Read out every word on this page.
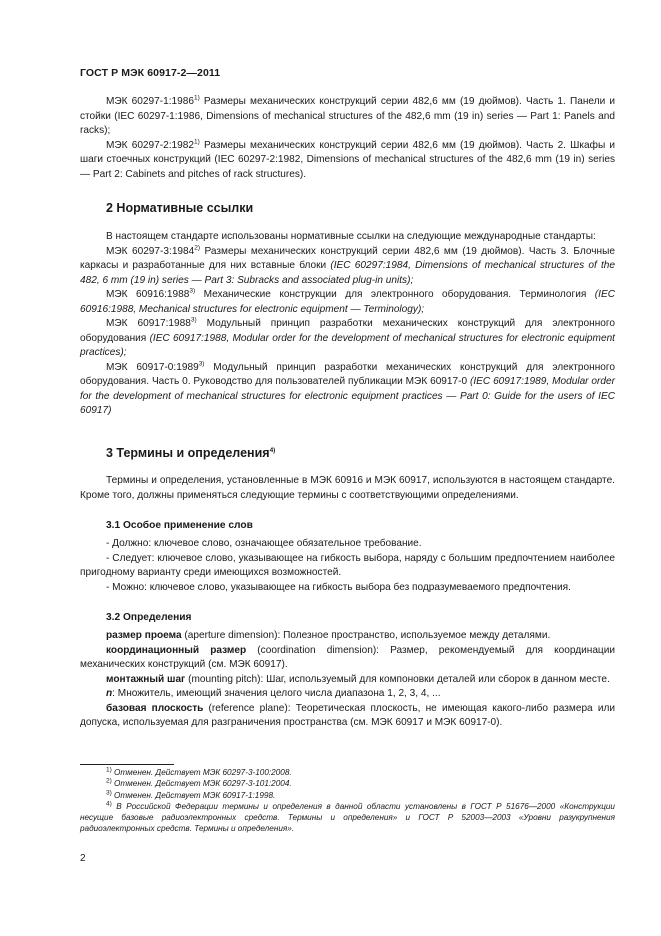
ГОСТ Р МЭК 60917-2—2011

МЭК 60297-1:1986$^{1)}$ Размеры механических конструкций серии 482,6 мм (19 дюймов). Часть 1. Панели и стойки (IEC 60297-1:1986, Dimensions of mechanical structures of the 482,6 mm (19 in) series — Part 1: Panels and racks);

МЭК 60297-2:1982$^{1)}$ Размеры механических конструкций серии 482,6 мм (19 дюймов). Часть 2. Шкафы и шаги стоечных конструкций (IEC 60297-2:1982, Dimensions of mechanical structures of the 482,6 mm (19 in) series — Part 2: Cabinets and pitches of rack structures).

2 Нормативные ссылки

В настоящем стандарте использованы нормативные ссылки на следующие международные стандарты:

МЭК 60297-3:1984$^{2)}$ Размеры механических конструкций серии 482,6 мм (19 дюймов). Часть 3. Блочные каркасы и разработанные для них вставные блоки (IEC 60297:1984, Dimensions of mechanical structures of the 482, 6 mm (19 in) series — Part 3: Subracks and associated plug-in units);

МЭК 60916:1988$^{3)}$ Механические конструкции для электронного оборудования. Терминология (IEC 60916:1988, Mechanical structures for electronic equipment — Terminology);

МЭК 60917:1988$^{3)}$ Модульный принцип разработки механических конструкций для электронного оборудования (IEC 60917:1988, Modular order for the development of mechanical structures for electronic equipment practices);

МЭК 60917-0:1989$^{3)}$ Модульный принцип разработки механических конструкций для электронного оборудования. Часть 0. Руководство для пользователей публикации МЭК 60917-0 (IEC 60917:1989, Modular order for the development of mechanical structures for electronic equipment practices — Part 0: Guide for the users of IEC 60917)

3 Термины и определения$^{4)}$

Термины и определения, установленные в МЭК 60916 и МЭК 60917, используются в настоящем стандарте. Кроме того, должны применяться следующие термины с соответствующими определениями.

3.1 Особое применение слов

- Должно: ключевое слово, означающее обязательное требование.

- Следует: ключевое слово, указывающее на гибкость выбора, наряду с большим предпочтением наиболее пригодному варианту среди имеющихся возможностей.

- Можно: ключевое слово, указывающее на гибкость выбора без подразумеваемого предпочтения.

3.2 Определения

размер проема (aperture dimension): Полезное пространство, используемое между деталями.

координационный размер (coordination dimension): Размер, рекомендуемый для координации механических конструкций (см. МЭК 60917).

монтажный шаг (mounting pitch): Шаг, используемый для компоновки деталей или сборок в данном месте.

n: Множитель, имеющий значения целого числа диапазона 1, 2, 3, 4, ...

базовая плоскость (reference plane): Теоретическая плоскость, не имеющая какого-либо размера или допуска, используемая для разграничения пространства (см. МЭК 60917 и МЭК 60917-0).

$^{1)}$ Отменен. Действует МЭК 60297-3-100:2008.
$^{2)}$ Отменен. Действует МЭК 60297-3-101:2004.
$^{3)}$ Отменен. Действует МЭК 60917-1:1998.
$^{4)}$ В Российской Федерации термины и определения в данной области установлены в ГОСТ Р 51676—2000 «Конструкции несущие базовые радиоэлектронных средств. Термины и определения» и ГОСТ Р 52003—2003 «Уровни разукрупнения радиоэлектронных средств. Термины и определения».
2
